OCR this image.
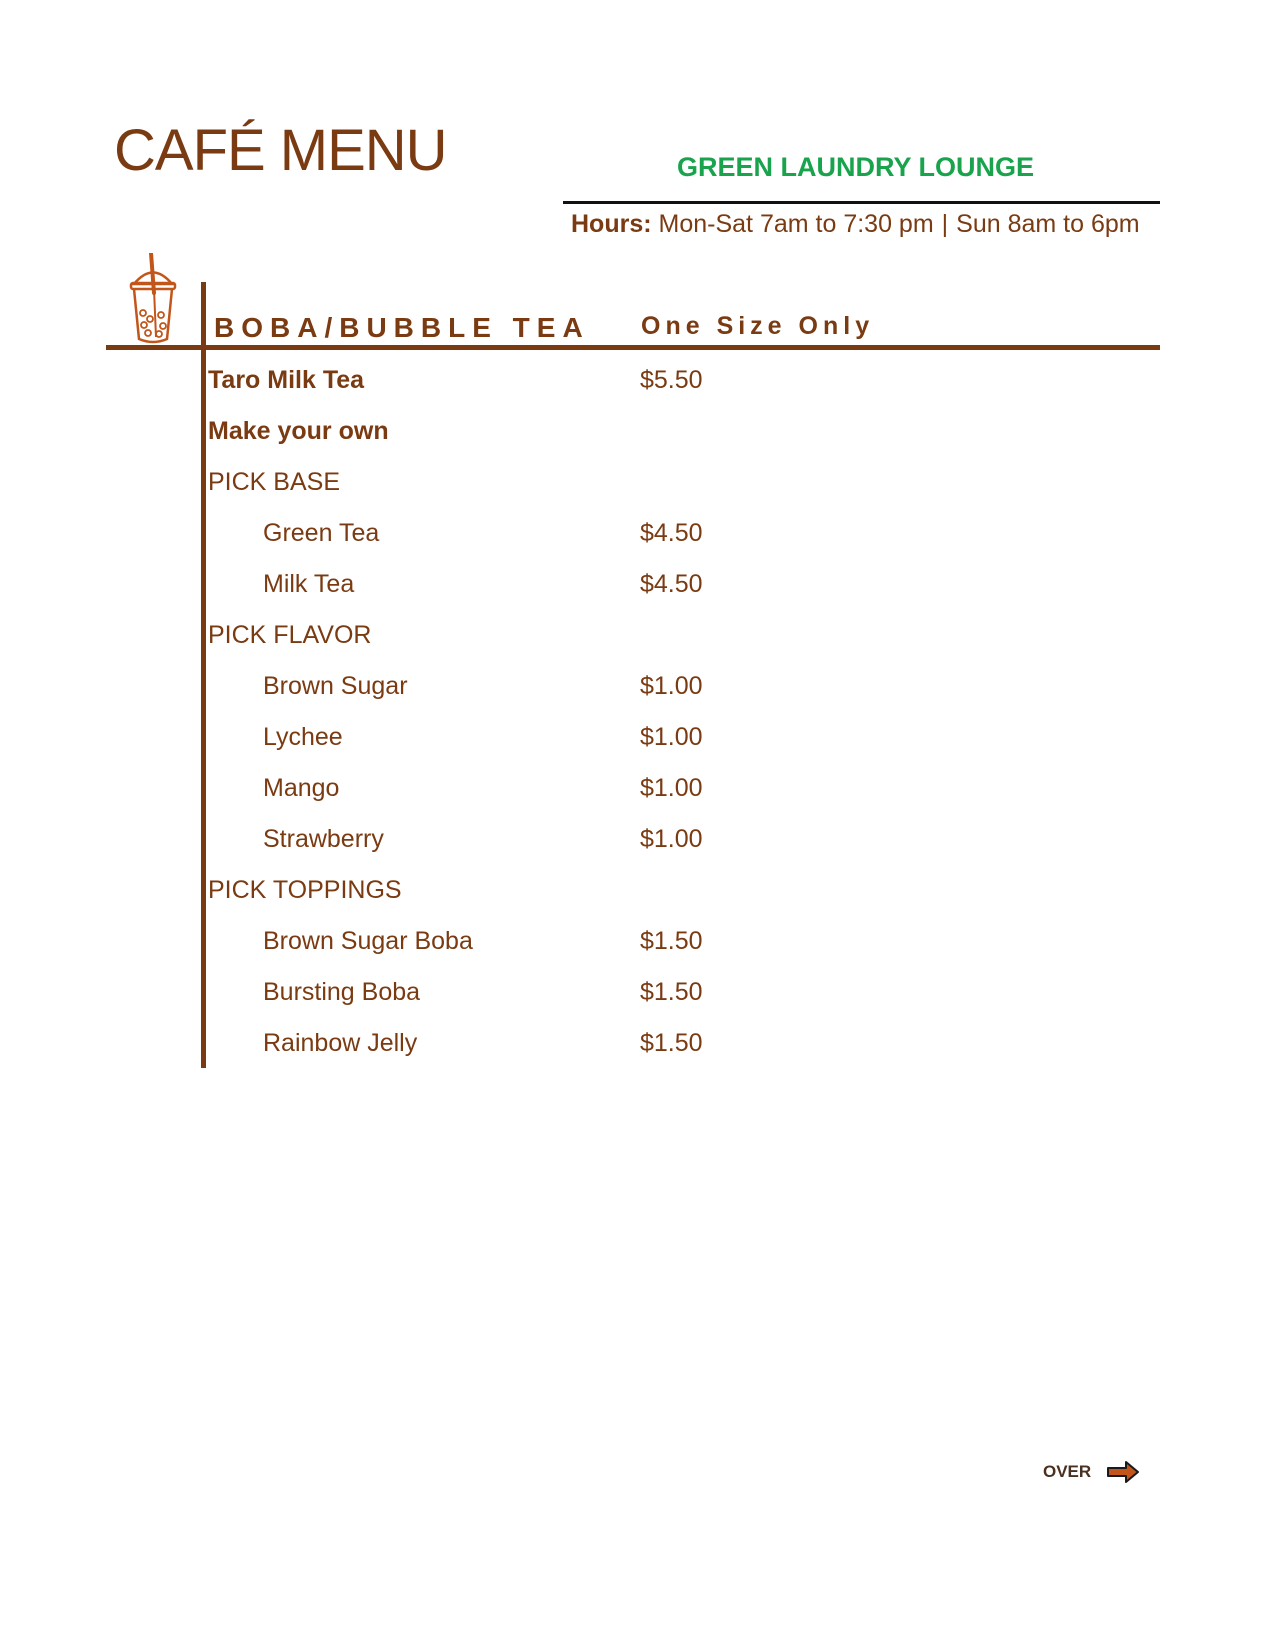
CAFÉ MENU	GREEN LAUNDRY LOUNGE
Hours: Mon-Sat 7am to 7:30 pm | Sun 8am to 6pm
BOBA/BUBBLE TEA One Size Only
Taro Milk Tea	$5.50
Make your own
PICK BASE
Green Tea	$4.50
Milk Tea	$4.50
PICK FLAVOR
Brown Sugar	$1.00
Lychee	$1.00
Mango	$1.00
Strawberry	$1.00
PICK TOPPINGS
Brown Sugar Boba	$1.50
Bursting Boba	$1.50
Rainbow Jelly	$1.50
OVER
